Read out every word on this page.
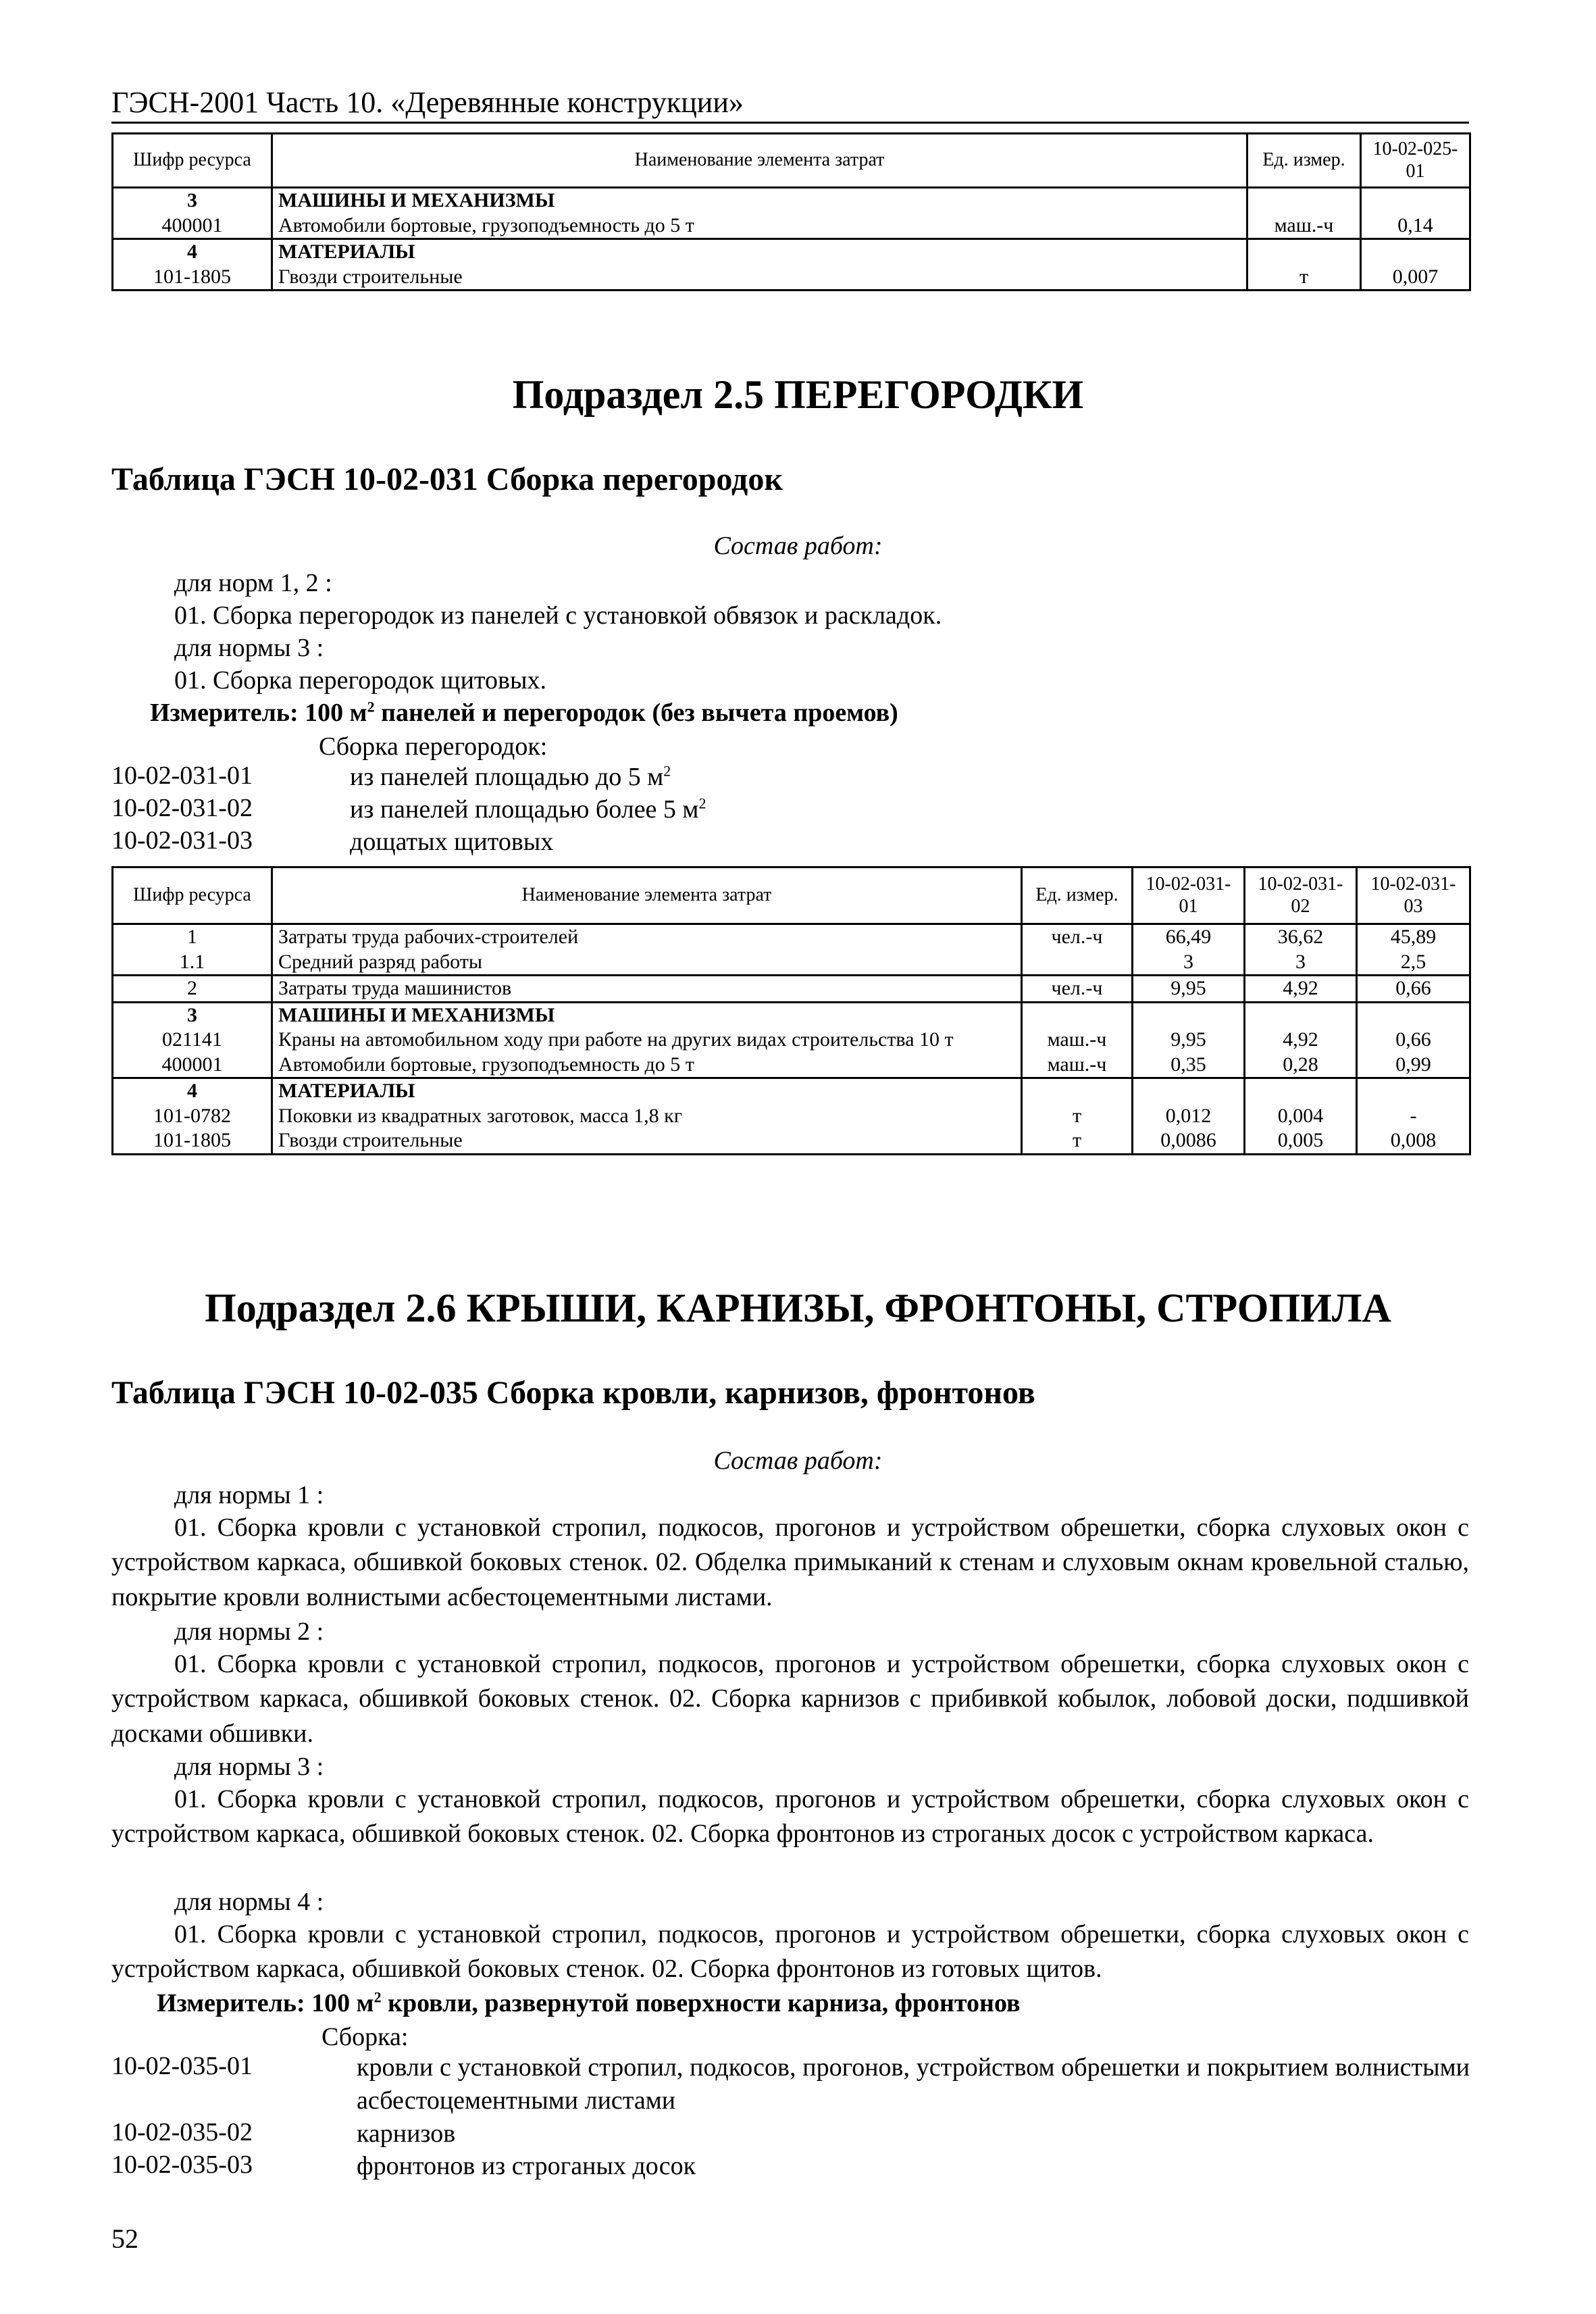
ГЭСН-2001 Часть 10. «Деревянные конструкции»
Шифр ресурса	Наименование элемента затрат	Ед. измер.	10-02-025-01
3	МАШИНЫ И МЕХАНИЗМЫ		
400001	Автомобили бортовые, грузоподъемность до 5 т	маш.-ч	0,14
4	МАТЕРИАЛЫ		
101-1805	Гвозди строительные	т	0,007
Подраздел 2.5 ПЕРЕГОРОДКИ
Таблица ГЭСН 10-02-031 Сборка перегородок
Состав работ:
для норм 1, 2 :
01. Сборка перегородок из панелей с установкой обвязок и раскладок.
для нормы 3 :
01. Сборка перегородок щитовых.
Измеритель: 100 $м^2$ панелей и перегородок (без вычета проемов)
Сборка перегородок:
10-02-031-01	из панелей площадью до 5 $м^2$
10-02-031-02	из панелей площадью более 5 $м^2$
10-02-031-03	дощатых щитовых
Шифр ресурса	Наименование элемента затрат	Ед. измер.	10-02-031-01	10-02-031-02	10-02-031-03
1	Затраты труда рабочих-строителей	чел.-ч	66,49	36,62	45,89
1.1	Средний разряд работы		3	3	2,5
2	Затраты труда машинистов	чел.-ч	9,95	4,92	0,66
3	МАШИНЫ И МЕХАНИЗМЫ				
021141	Краны на автомобильном ходу при работе на других видах строительства 10 т	маш.-ч	9,95	4,92	0,66
400001	Автомобили бортовые, грузоподъемность до 5 т	маш.-ч	0,35	0,28	0,99
4	МАТЕРИАЛЫ				
101-0782	Поковки из квадратных заготовок, масса 1,8 кг	т	0,012	0,004	-
101-1805	Гвозди строительные	т	0,0086	0,005	0,008
Подраздел 2.6 КРЫШИ, КАРНИЗЫ, ФРОНТОНЫ, СТРОПИЛА
Таблица ГЭСН 10-02-035 Сборка кровли, карнизов, фронтонов
Состав работ:
для нормы 1 :
01. Сборка кровли с установкой стропил, подкосов, прогонов и устройством обрешетки, сборка слуховых окон с устройством каркаса, обшивкой боковых стенок. 02. Обделка примыканий к стенам и слуховым окнам кровельной сталью, покрытие кровли волнистыми асбестоцементными листами.
для нормы 2 :
01. Сборка кровли с установкой стропил, подкосов, прогонов и устройством обрешетки, сборка слуховых окон с устройством каркаса, обшивкой боковых стенок. 02. Сборка карнизов с прибивкой кобылок, лобовой доски, подшивкой досками обшивки.
для нормы 3 :
01. Сборка кровли с установкой стропил, подкосов, прогонов и устройством обрешетки, сборка слуховых окон с устройством каркаса, обшивкой боковых стенок. 02. Сборка фронтонов из строганых досок с устройством каркаса.
для нормы 4 :
01. Сборка кровли с установкой стропил, подкосов, прогонов и устройством обрешетки, сборка слуховых окон с устройством каркаса, обшивкой боковых стенок. 02. Сборка фронтонов из готовых щитов.
Измеритель: 100 $м^2$ кровли, развернутой поверхности карниза, фронтонов
Сборка:
10-02-035-01	кровли с установкой стропил, подкосов, прогонов, устройством обрешетки и покрытием волнистыми асбестоцементными листами
10-02-035-02	карнизов
10-02-035-03	фронтонов из строганых досок
52
